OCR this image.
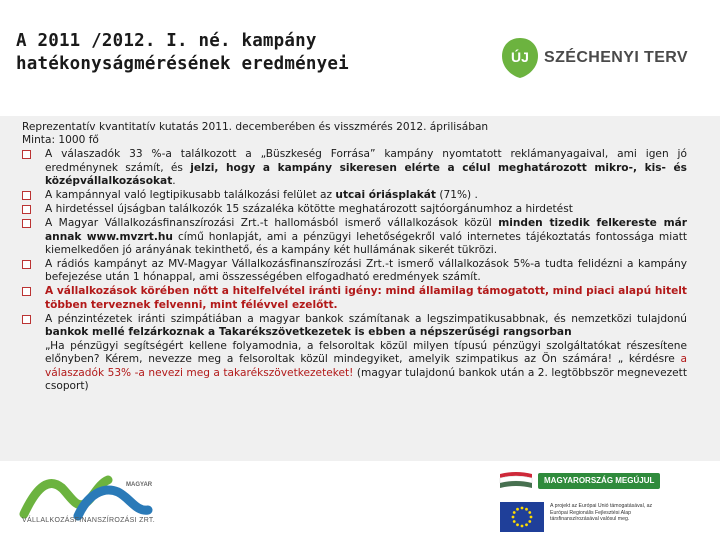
A 2011 /2012. I. né. kampány
hatékonyságmérésének eredményei	ÚJ SZÉCHENYI TERV

Reprezentatív kvantitatív kutatás 2011. decemberében és visszmérés 2012. áprilisában

Minta: 1000 fő

A válaszadók 33 %-a találkozott a „Büszkeség Forrása” kampány nyomtatott reklámanyagaival, ami igen jó eredménynek számít, és jelzi, hogy a kampány sikeresen elérte a célul meghatározott mikro-, kis- és középvállalkozásokat.
A kampánnyal való legtipikusabb találkozási felület az utcai óriásplakát (71%) .
A hirdetéssel újságban találkozók 15 százaléka kötötte meghatározott sajtóorgánumhoz a hirdetést
A Magyar Vállalkozásfinanszírozási Zrt.-t hallomásból ismerő vállalkozások közül minden tizedik felkereste már annak www.mvzrt.hu című honlapját, ami a pénzügyi lehetőségekről való internetes tájékoztatás fontossága miatt kiemelkedően jó arányának tekinthető, és a kampány két hullámának sikerét tükrözi.
A rádiós kampányt az MV-Magyar Vállalkozásfinanszírozási Zrt.-t ismerő vállalkozások 5%-a tudta felidézni a kampány befejezése után 1 hónappal, ami összességében elfogadható eredmények számít.
A vállalkozások körében nőtt a hitelfelvétel iránti igény: mind államilag támogatott, mind piaci alapú hitelt többen terveznek felvenni, mint félévvel ezelőtt.
A pénzintézetek iránti szimpátiában a magyar bankok számítanak a legszimpatikusabbnak, és nemzetközi tulajdonú bankok mellé felzárkoznak a Takarékszövetkezetek is ebben a népszerűségi rangsorban

„Ha pénzügyi segítségért kellene folyamodnia, a felsoroltak közül milyen típusú pénzügyi szolgáltatókat részesítene előnyben? Kérem, nevezze meg a felsoroltak közül mindegyiket, amelyik szimpatikus az Ön számára! „ kérdésre a válaszadók 53% -a nevezi meg a takarékszövetkezeteket! (magyar tulajdonú bankok után a 2. legtöbbször megnevezett csoport)

MAGYAR
VÁLLALKOZÁSFINANSZÍROZÁSI ZRT.
MAGYARORSZÁG MEGÚJUL
A projekt az Európai Unió támogatásával, az Európai Regionális Fejlesztési Alap társfinanszírozásával valósul meg.
